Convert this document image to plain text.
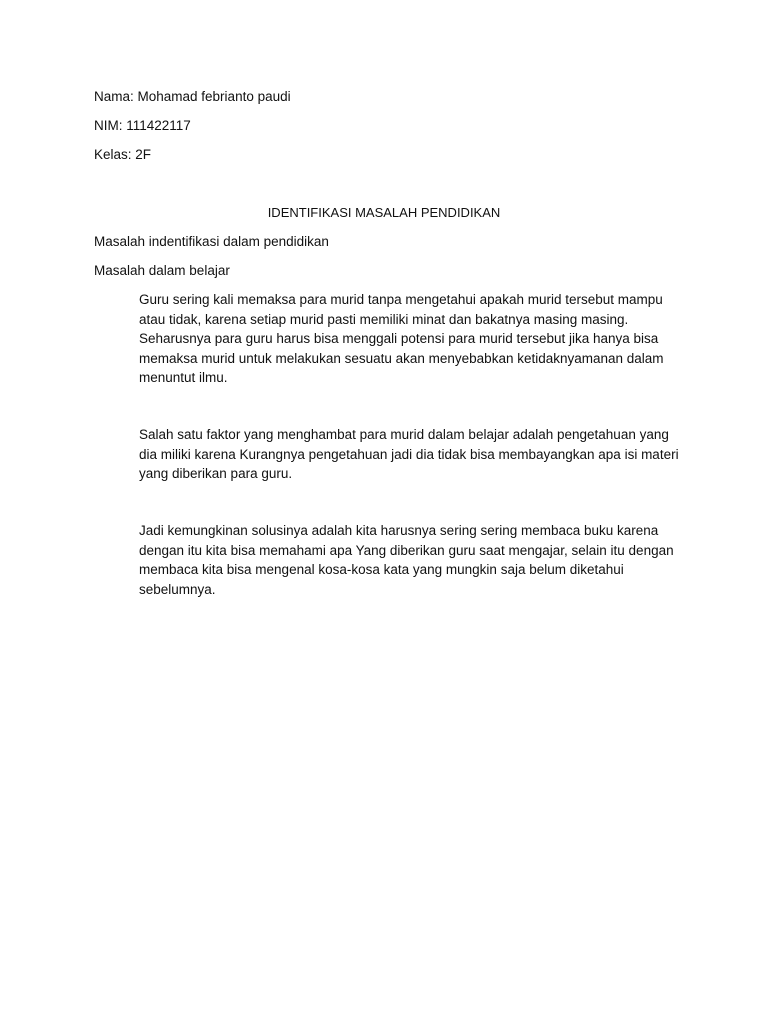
Nama: Mohamad febrianto paudi
NIM: 111422117
Kelas: 2F
IDENTIFIKASI MASALAH PENDIDIKAN
Masalah indentifikasi dalam pendidikan
Masalah dalam belajar

Guru sering kali memaksa para murid tanpa mengetahui apakah murid tersebut mampu atau tidak, karena setiap murid pasti memiliki minat dan bakatnya masing masing. Seharusnya para guru harus bisa menggali potensi para murid tersebut jika hanya bisa memaksa murid untuk melakukan sesuatu akan menyebabkan ketidaknyamanan dalam menuntut ilmu.

Salah satu faktor yang menghambat para murid dalam belajar adalah pengetahuan yang dia miliki karena Kurangnya pengetahuan jadi dia tidak bisa membayangkan apa isi materi yang diberikan para guru.

Jadi kemungkinan solusinya adalah kita harusnya sering sering membaca buku karena dengan itu kita bisa memahami apa Yang diberikan guru saat mengajar, selain itu dengan membaca kita bisa mengenal kosa-kosa kata yang mungkin saja belum diketahui sebelumnya.
